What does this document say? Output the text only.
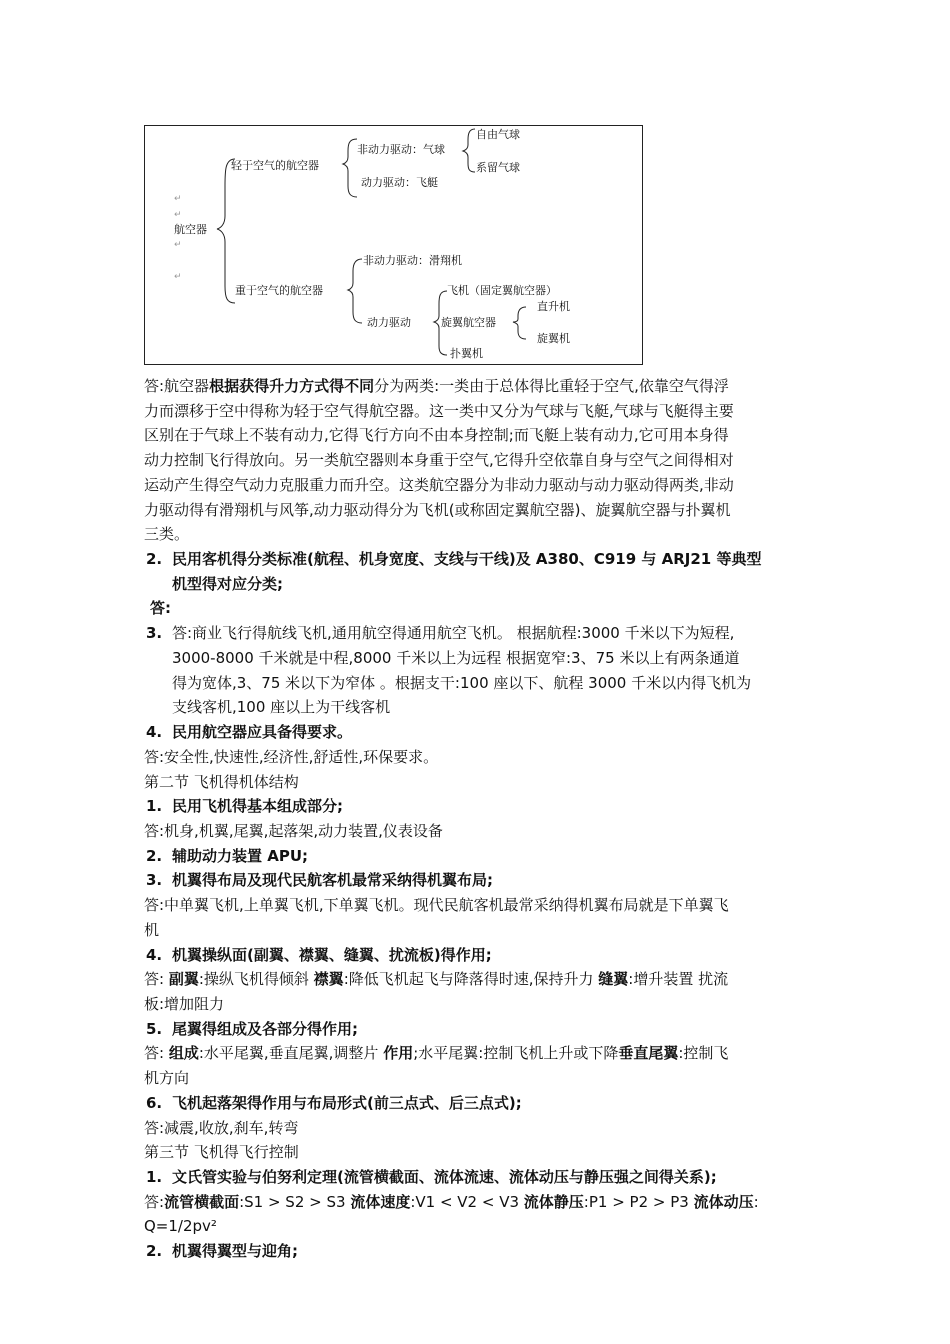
↵
↵
航空器
↵
↵
轻于空气的航空器
非动力驱动：气球
自由气球
系留气球
动力驱动：飞艇
重于空气的航空器
非动力驱动：滑翔机
动力驱动
飞机（固定翼航空器）
旋翼航空器
直升机
旋翼机
扑翼机
答:航空器根据获得升力方式得不同分为两类:一类由于总体得比重轻于空气,依靠空气得浮
力而漂移于空中得称为轻于空气得航空器。这一类中又分为气球与飞艇,气球与飞艇得主要
区别在于气球上不装有动力,它得飞行方向不由本身控制;而飞艇上装有动力,它可用本身得
动力控制飞行得放向。另一类航空器则本身重于空气,它得升空依靠自身与空气之间得相对
运动产生得空气动力克服重力而升空。这类航空器分为非动力驱动与动力驱动得两类,非动
力驱动得有滑翔机与风筝,动力驱动得分为飞机(或称固定翼航空器)、旋翼航空器与扑翼机
三类。
2. 民用客机得分类标准(航程、机身宽度、支线与干线)及 A380、C919 与 ARJ21 等典型
机型得对应分类;
答:
3. 答:商业飞行得航线飞机,通用航空得通用航空飞机。 根据航程:3000 千米以下为短程,
3000-8000 千米就是中程,8000 千米以上为远程 根据宽窄:3、75 米以上有两条通道
得为宽体,3、75 米以下为窄体 。根据支干:100 座以下、航程 3000 千米以内得飞机为
支线客机,100 座以上为干线客机
4. 民用航空器应具备得要求。
答:安全性,快速性,经济性,舒适性,环保要求。
第二节 飞机得机体结构
1. 民用飞机得基本组成部分;
答:机身,机翼,尾翼,起落架,动力装置,仪表设备
2. 辅助动力装置 APU;
3. 机翼得布局及现代民航客机最常采纳得机翼布局;
答:中单翼飞机,上单翼飞机,下单翼飞机。现代民航客机最常采纳得机翼布局就是下单翼飞
机
4. 机翼操纵面(副翼、襟翼、缝翼、扰流板)得作用;
答: 副翼:操纵飞机得倾斜 襟翼:降低飞机起飞与降落得时速,保持升力 缝翼:增升装置 扰流
板:增加阻力
5. 尾翼得组成及各部分得作用;
答: 组成:水平尾翼,垂直尾翼,调整片 作用;水平尾翼:控制飞机上升或下降垂直尾翼:控制飞
机方向
6. 飞机起落架得作用与布局形式(前三点式、后三点式);
答:减震,收放,刹车,转弯
第三节 飞机得飞行控制
1. 文氏管实验与伯努利定理(流管横截面、流体流速、流体动压与静压强之间得关系);
答:流管横截面:S1 > S2 > S3 流体速度:V1 < V2 < V3 流体静压:P1 > P2 > P3 流体动压:
Q=1/2pv²
2. 机翼得翼型与迎角;
